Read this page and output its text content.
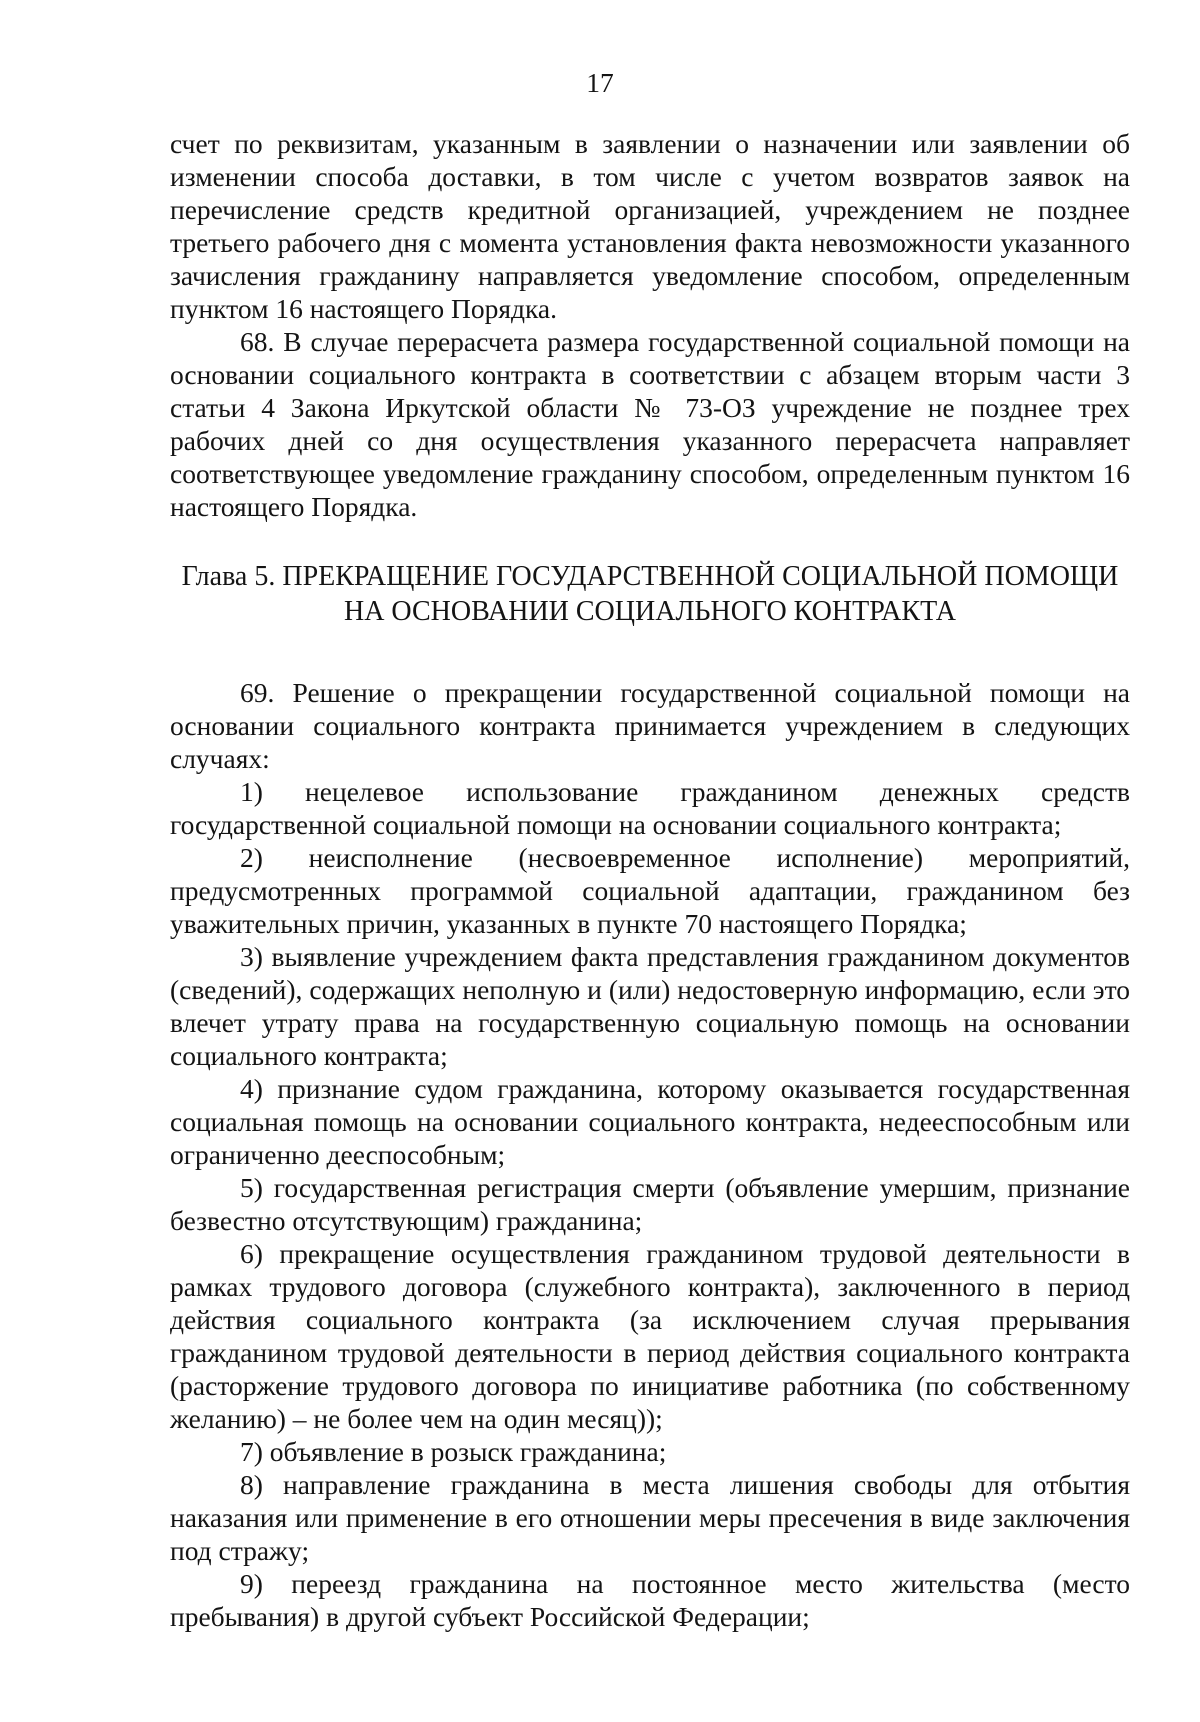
17

счет по реквизитам, указанным в заявлении о назначении или заявлении об изменении способа доставки, в том числе с учетом возвратов заявок на перечисление средств кредитной организацией, учреждением не позднее третьего рабочего дня с момента установления факта невозможности указанного зачисления гражданину направляется уведомление способом, определенным пунктом 16 настоящего Порядка.

68. В случае перерасчета размера государственной социальной помощи на основании социального контракта в соответствии с абзацем вторым части 3 статьи 4 Закона Иркутской области № 73-ОЗ учреждение не позднее трех рабочих дней со дня осуществления указанного перерасчета направляет соответствующее уведомление гражданину способом, определенным пунктом 16 настоящего Порядка.

Глава 5. ПРЕКРАЩЕНИЕ ГОСУДАРСТВЕННОЙ СОЦИАЛЬНОЙ ПОМОЩИ
НА ОСНОВАНИИ СОЦИАЛЬНОГО КОНТРАКТА

69. Решение о прекращении государственной социальной помощи на основании социального контракта принимается учреждением в следующих случаях:

1) нецелевое использование гражданином денежных средств государственной социальной помощи на основании социального контракта;

2) неисполнение (несвоевременное исполнение) мероприятий, предусмотренных программой социальной адаптации, гражданином без уважительных причин, указанных в пункте 70 настоящего Порядка;

3) выявление учреждением факта представления гражданином документов (сведений), содержащих неполную и (или) недостоверную информацию, если это влечет утрату права на государственную социальную помощь на основании социального контракта;

4) признание судом гражданина, которому оказывается государственная социальная помощь на основании социального контракта, недееспособным или ограниченно дееспособным;

5) государственная регистрация смерти (объявление умершим, признание безвестно отсутствующим) гражданина;

6) прекращение осуществления гражданином трудовой деятельности в рамках трудового договора (служебного контракта), заключенного в период действия социального контракта (за исключением случая прерывания гражданином трудовой деятельности в период действия социального контракта (расторжение трудового договора по инициативе работника (по собственному желанию) – не более чем на один месяц));

7) объявление в розыск гражданина;

8) направление гражданина в места лишения свободы для отбытия наказания или применение в его отношении меры пресечения в виде заключения под стражу;

9) переезд гражданина на постоянное место жительства (место пребывания) в другой субъект Российской Федерации;
